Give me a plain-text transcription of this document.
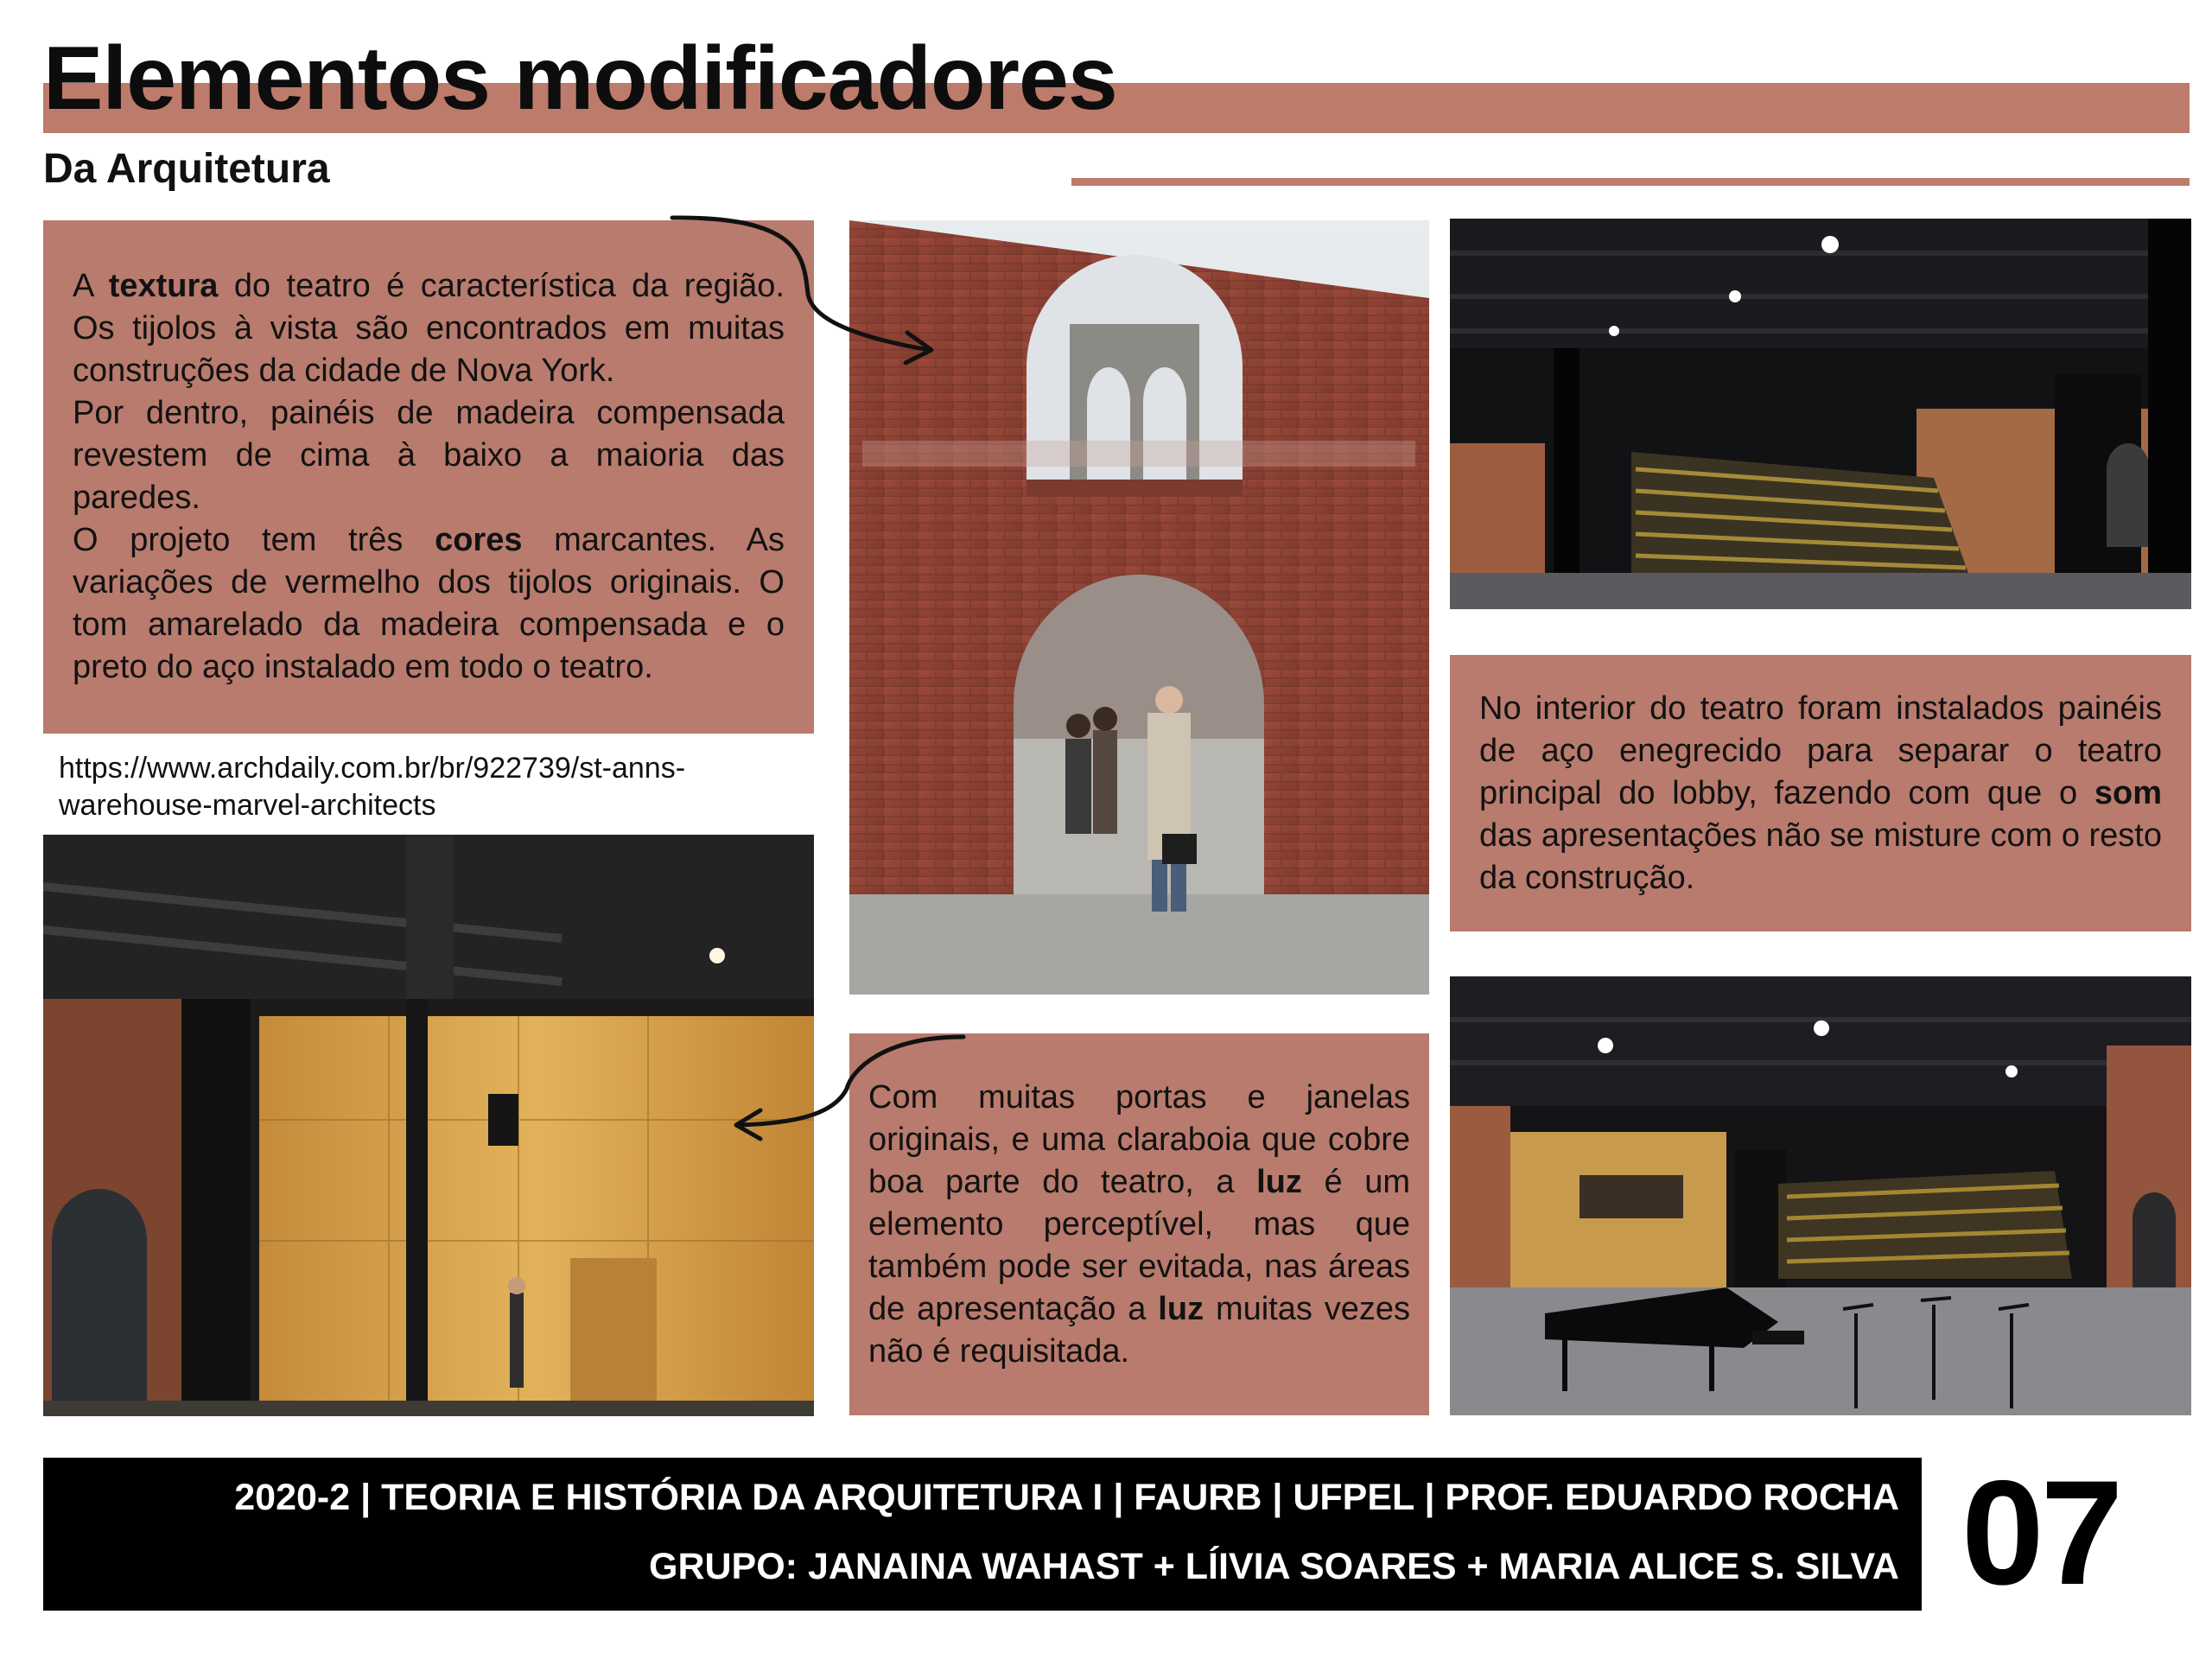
Elementos modificadores
Da Arquitetura

A textura do teatro é característica da região. Os tijolos à vista são encontrados em muitas construções da cidade de Nova York.

Por dentro, painéis de madeira compensada revestem de cima à baixo a maioria das paredes.

O projeto tem três cores marcantes. As variações de vermelho dos tijolos originais. O tom amarelado da madeira compensada e o preto do aço instalado em todo o teatro.

https://www.archdaily.com.br/br/922739/st-anns-
warehouse-marvel-architects

No interior do teatro foram instalados painéis de aço enegrecido para separar o teatro principal do lobby, fazendo com que o som das apresentações não se misture com o resto da construção.

Com muitas portas e janelas originais, e uma claraboia que cobre boa parte do teatro, a luz é um elemento perceptível, mas que também pode ser evitada, nas áreas de apresentação a luz muitas vezes não é requisitada.

2020-2 | TEORIA E HISTÓRIA DA ARQUITETURA I | FAURB | UFPEL | PROF. EDUARDO ROCHA

GRUPO: JANAINA WAHAST + LÍIVIA SOARES + MARIA ALICE S. SILVA 07
